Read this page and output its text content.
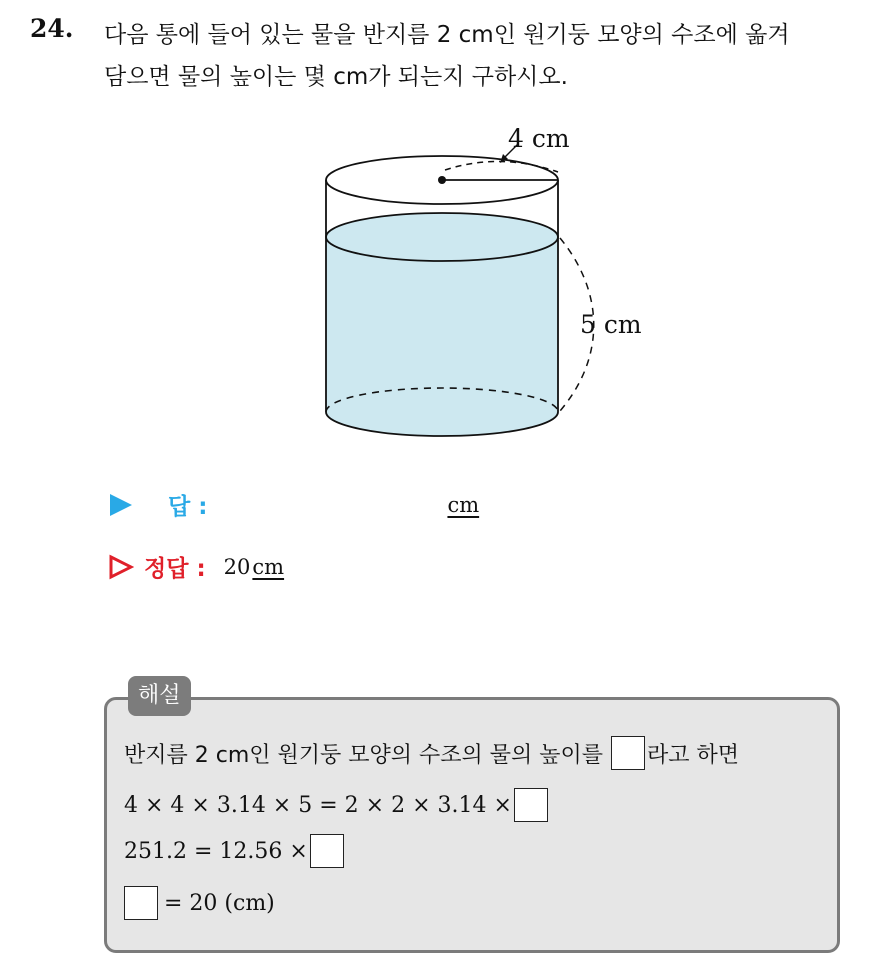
24. 다음 통에 들어 있는 물을 반지름 2 cm인 원기둥 모양의 수조에 옮겨
담으면 물의 높이는 몇 cm가 되는지 구하시오.
4 cm
5 cm
답 :	cm
정답 : 20 cm
해설
반지름 2 cm인 원기둥 모양의 수조의 물의 높이를 라고 하면
4 × 4 × 3.14 × 5 = 2 × 2 × 3.14 ×
251.2 = 12.56 ×
= 20 (cm)
